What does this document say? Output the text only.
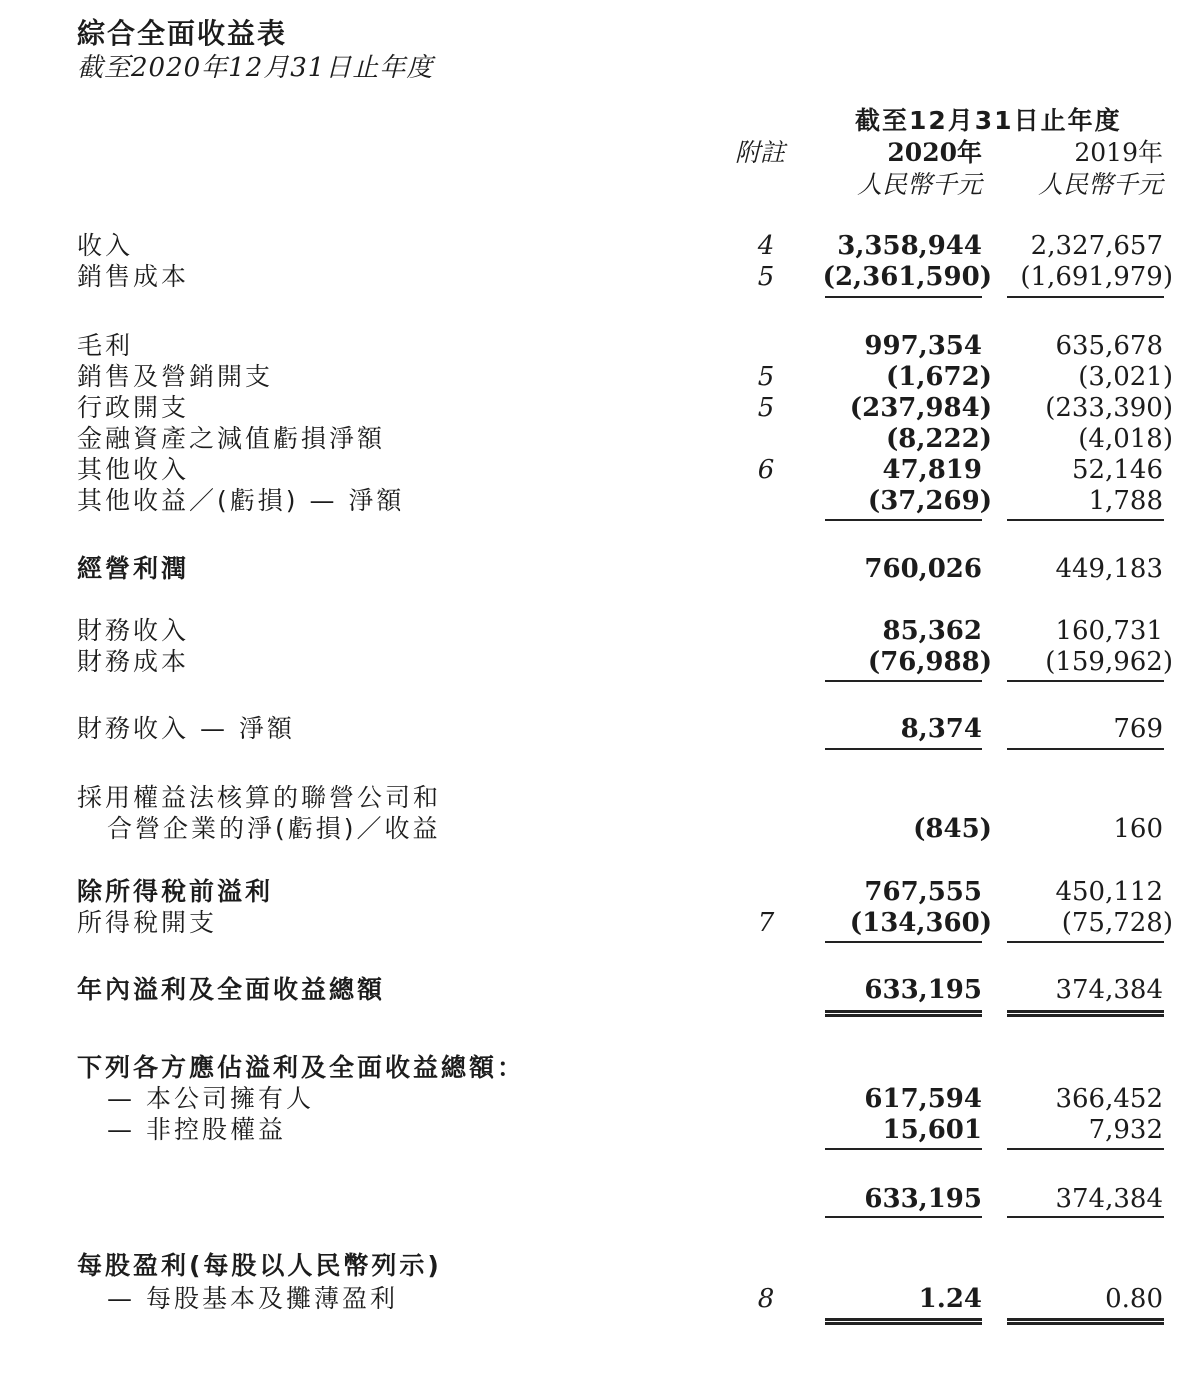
綜合全面收益表
截至2020年12月31日止年度
截至12月31日止年度
附註	2020年	2019年
人民幣千元 人民幣千元
收入	4 3,358,944 2,327,657
銷售成本	5 (2,361,590) (1,691,979)
毛利	997,354	635,678
銷售及營銷開支	5	(1,672)	(3,021)
行政開支	5	(237,984) (233,390)
金融資產之減值虧損淨額	(8,222)	(4,018)
其他收入	6	47,819	52,146
其他收益／(虧損) — 淨額	(37,269)	1,788
經營利潤	760,026	449,183
財務收入	85,362	160,731
財務成本	(76,988) (159,962)
財務收入 — 淨額	8,374	769
採用權益法核算的聯營公司和
合營企業的淨(虧損)／收益	(845)	160
除所得稅前溢利	767,555	450,112
所得稅開支	7	(134,360)	(75,728)
年內溢利及全面收益總額	633,195	374,384
下列各方應佔溢利及全面收益總額：
— 本公司擁有人	617,594	366,452
— 非控股權益	15,601	7,932
633,195	374,384
每股盈利(每股以人民幣列示)
— 每股基本及攤薄盈利	8	1.24	0.80
